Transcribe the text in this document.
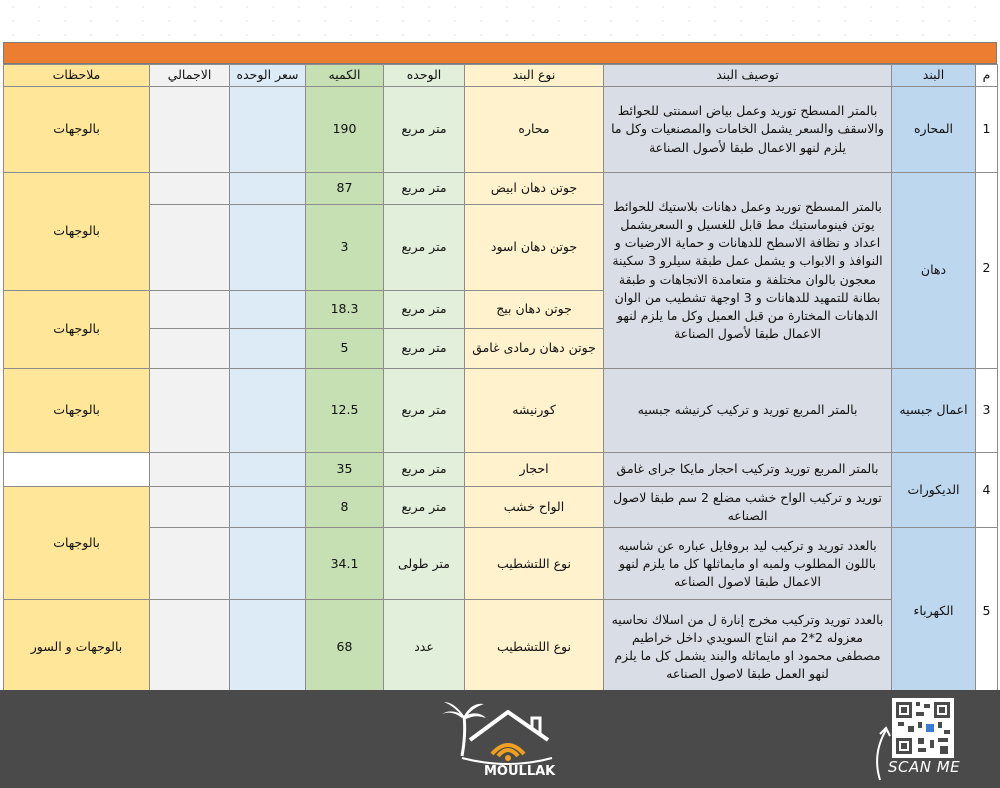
م	البند	توصيف البند	نوع البند	الوحده	الكميه	سعر الوحده	الاجمالي	ملاحظات
1	المحاره	بالمتر المسطح توريد وعمل بياض اسمنتى للحوائط والاسقف والسعر يشمل الخامات والمصنعيات وكل ما يلزم لنهو الاعمال طبقا لأصول الصناعة	محاره	متر مربع	190			بالوجهات
2	دهان	بالمتر المسطح توريد وعمل دهانات بلاستيك للحوائط يوتن فينوماستيك مط قابل للغسيل و السعريشمل اعداد و نظافة الاسطح للدهانات و حماية الارضيات و النوافذ و الابواب و يشمل عمل طبقة سيلرو 3 سكينة معجون بالوان مختلفة و متعامدة الاتجاهات و طبقة بطانة للتمهيد للدهانات و 3 اوجهة تشطيب من الوان الدهانات المختارة من قبل العميل وكل ما يلزم لنهو الاعمال طبقا لأصول الصناعة	جوتن دهان ابيض	متر مربع	87			بالوجهات
			جوتن دهان اسود	متر مربع	3			
			جوتن دهان بيج	متر مربع	18.3			بالوجهات
			جوتن دهان رمادى غامق	متر مربع	5			
3	اعمال جبسيه	بالمتر المربع توريد و تركيب كرنيشه جبسيه	كورنيشه	متر مربع	12.5			بالوجهات
4	الديكورات	بالمتر المربع توريد وتركيب احجار مايكا جراى غامق	احجار	متر مربع	35			
		توريد و تركيب الواح خشب مضلع 2 سم طبقا لاصول الصناعه	الواح خشب	متر مربع	8			بالوجهات
5	الكهرباء	بالعدد توريد و تركيب ليد بروفايل عباره عن شاسيه باللون المطلوب ولمبه او مايماثلها كل ما يلزم لنهو الاعمال طبقا لاصول الصناعه	نوع اللتشطيب	متر طولى	34.1			
		بالعدد توريد وتركيب مخرج إنارة ل من اسلاك نحاسيه معزوله 2*2 مم انتاج السويدي داخل خراطيم مصطفى محمود او مايماثله والبند يشمل كل ما يلزم لنهو العمل طبقا لاصول الصناعه	نوع اللتشطيب	عدد	68			بالوجهات و السور
MOULLAK	SCAN ME
